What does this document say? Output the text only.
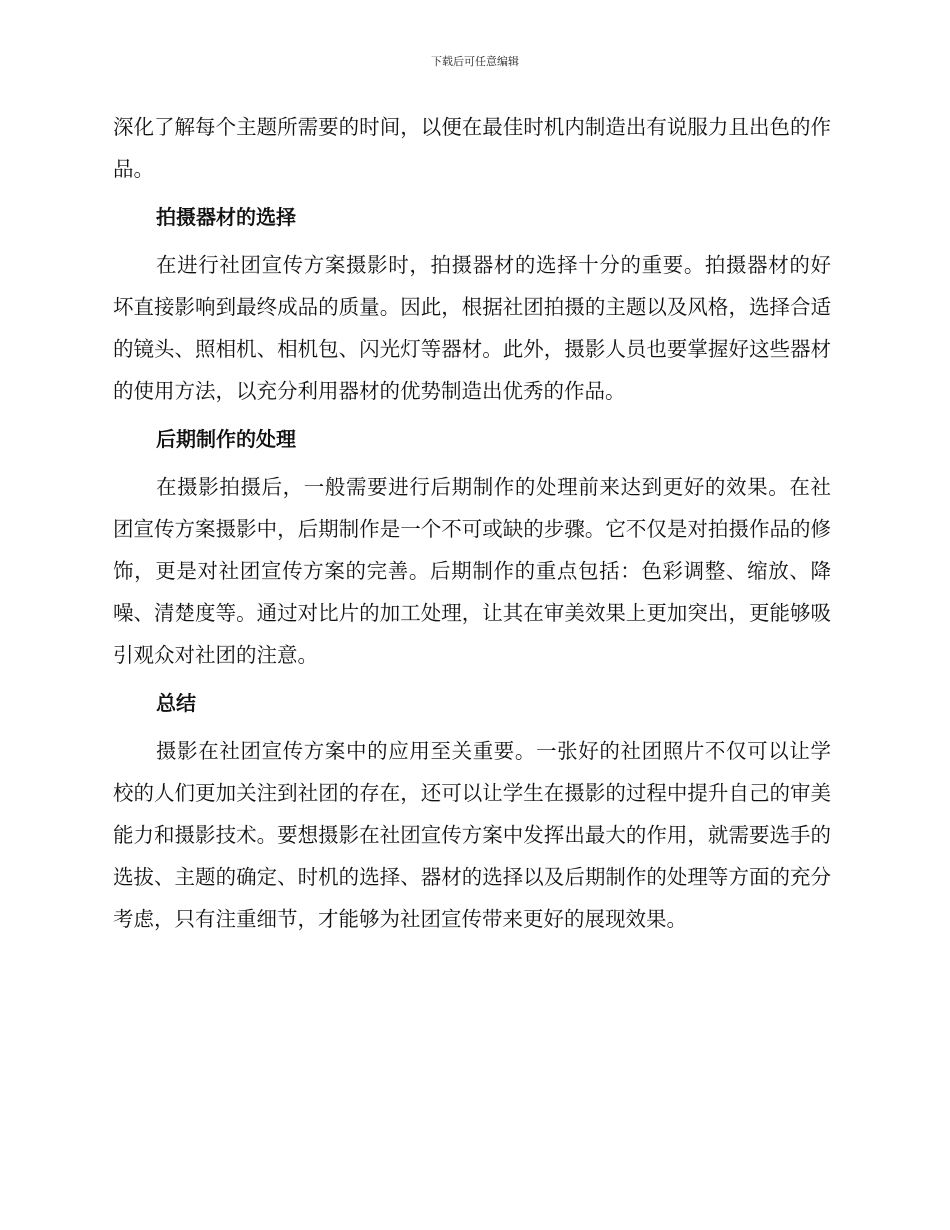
下载后可任意编辑

深化了解每个主题所需要的时间，以便在最佳时机内制造出有说服力且出色的作品。

拍摄器材的选择

在进行社团宣传方案摄影时，拍摄器材的选择十分的重要。拍摄器材的好坏直接影响到最终成品的质量。因此，根据社团拍摄的主题以及风格，选择合适的镜头、照相机、相机包、闪光灯等器材。此外，摄影人员也要掌握好这些器材的使用方法，以充分利用器材的优势制造出优秀的作品。

后期制作的处理

在摄影拍摄后，一般需要进行后期制作的处理前来达到更好的效果。在社团宣传方案摄影中，后期制作是一个不可或缺的步骤。它不仅是对拍摄作品的修饰，更是对社团宣传方案的完善。后期制作的重点包括：色彩调整、缩放、降噪、清楚度等。通过对比片的加工处理，让其在审美效果上更加突出，更能够吸引观众对社团的注意。

总结

摄影在社团宣传方案中的应用至关重要。一张好的社团照片不仅可以让学校的人们更加关注到社团的存在，还可以让学生在摄影的过程中提升自己的审美能力和摄影技术。要想摄影在社团宣传方案中发挥出最大的作用，就需要选手的选拔、主题的确定、时机的选择、器材的选择以及后期制作的处理等方面的充分考虑，只有注重细节，才能够为社团宣传带来更好的展现效果。
